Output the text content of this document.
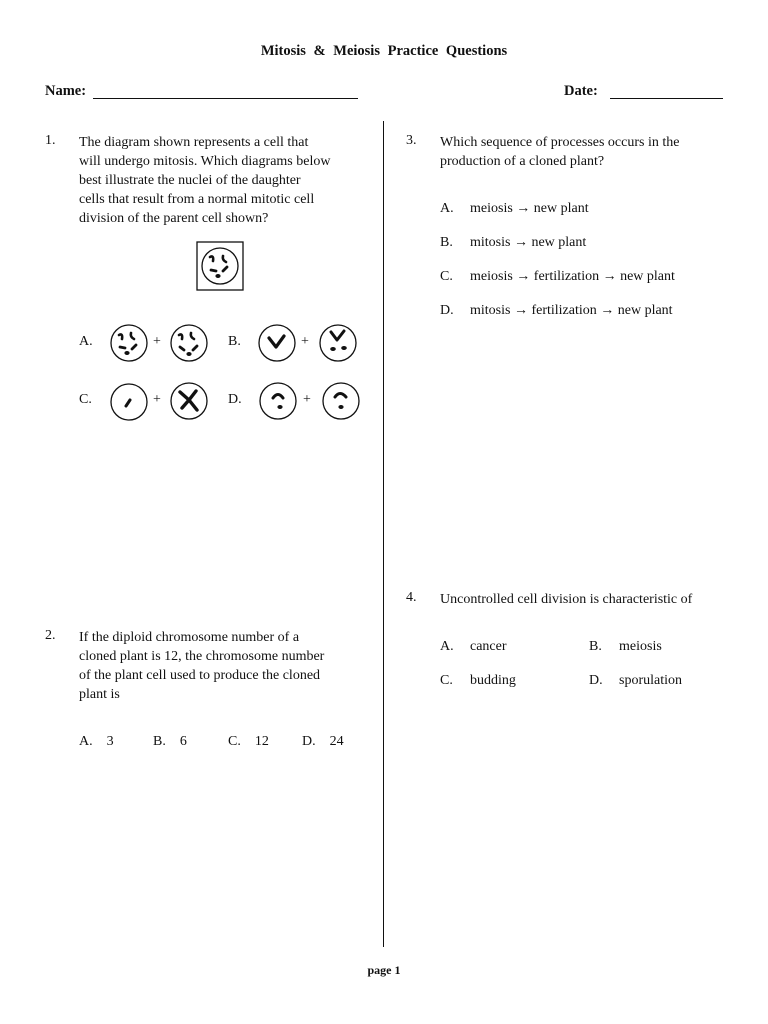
Mitosis & Meiosis Practice Questions
Name:	Date:
1. The diagram shown represents a cell that
will undergo mitosis. Which diagrams below
best illustrate the nuclei of the daughter
cells that result from a normal mitotic cell
division of the parent cell shown?
A.	+	B.	+
C.	+	D.	+
2. If the diploid chromosome number of a
cloned plant is 12, the chromosome number
of the plant cell used to produce the cloned
plant is
A. 3	B. 6	C. 12 D. 24
3. Which sequence of processes occurs in the
production of a cloned plant?
A. meiosis → new plant
B. mitosis → new plant
C. meiosis → fertilization → new plant
D. mitosis → fertilization → new plant
4. Uncontrolled cell division is characteristic of
A. cancer	B. meiosis
C. budding	D. sporulation
page 1
